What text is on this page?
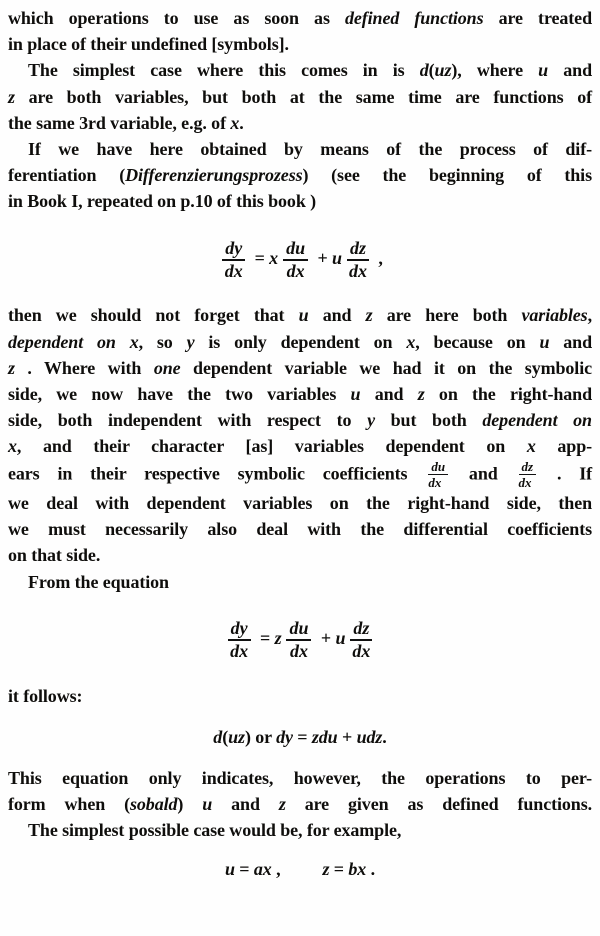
which operations to use as soon as defined functions are treated
in place of their undefined [symbols].
The simplest case where this comes in is d(uz), where u and
z are both variables, but both at the same time are functions of
the same 3rd variable, e.g. of x.
If we have here obtained by means of the process of dif-
ferentiation (Differenzierungsprozess) (see the beginning of this
in Book I, repeated on p.10 of this book )
$\frac{dy}{dx} = x \frac{du}{dx} + u \frac{dz}{dx}$ ,
then we should not forget that u and z are here both variables,
dependent on x, so y is only dependent on x, because on u and
z . Where with one dependent variable we had it on the symbolic
side, we now have the two variables u and z on the right-hand
side, both independent with respect to y but both dependent on
x, and their character [as] variables dependent on x app-
ears in their respective symbolic coefficients $\frac{du}{dx}$ and $\frac{dz}{dx}$ . If
we deal with dependent variables on the right-hand side, then
we must necessarily also deal with the differential coefficients
on that side.
From the equation
$\frac{dy}{dx} = z \frac{du}{dx} + u \frac{dz}{dx}$
it follows:
d(uz) or dy = zdu + udz.
This equation only indicates, however, the operations to per-
form when (sobald) u and z are given as defined functions.
The simplest possible case would be, for example,
u = ax , z = bx .
